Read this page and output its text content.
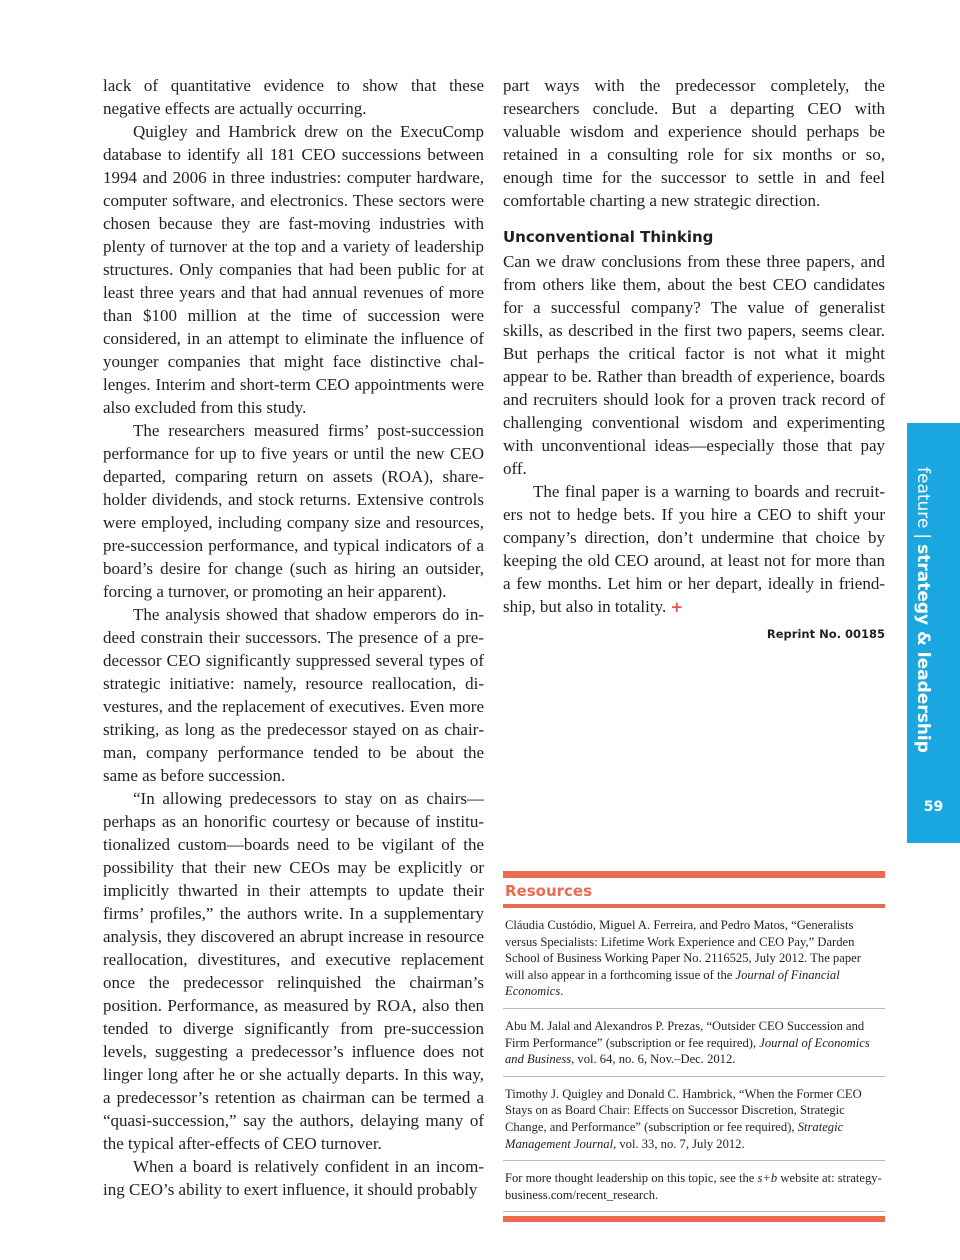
lack of quantitative evidence to show that these negative effects are actually occurring.

Quigley and Hambrick drew on the ExecuComp database to identify all 181 CEO successions between 1994 and 2006 in three industries: computer hardware, computer software, and electronics. These sectors were chosen because they are fast-moving industries with plenty of turnover at the top and a variety of leadership structures. Only companies that had been public for at least three years and that had annual revenues of more than $100 million at the time of succession were considered, in an attempt to eliminate the influence of younger companies that might face distinctive challenges. Interim and short-term CEO appointments were also excluded from this study.

The researchers measured firms’ post-succession performance for up to five years or until the new CEO departed, comparing return on assets (ROA), shareholder dividends, and stock returns. Extensive controls were employed, including company size and resources, pre-succession performance, and typical indicators of a board’s desire for change (such as hiring an outsider, forcing a turnover, or promoting an heir apparent).

The analysis showed that shadow emperors do indeed constrain their successors. The presence of a predecessor CEO significantly suppressed several types of strategic initiative: namely, resource reallocation, divestures, and the replacement of executives. Even more striking, as long as the predecessor stayed on as chairman, company performance tended to be about the same as before succession.

“In allowing predecessors to stay on as chairs—perhaps as an honorific courtesy or because of institutionalized custom—boards need to be vigilant of the possibility that their new CEOs may be explicitly or implicitly thwarted in their attempts to update their firms’ profiles,” the authors write. In a supplementary analysis, they discovered an abrupt increase in resource reallocation, divestitures, and executive replacement once the predecessor relinquished the chairman’s position. Performance, as measured by ROA, also then tended to diverge significantly from pre-succession levels, suggesting a predecessor’s influence does not linger long after he or she actually departs. In this way, a predecessor’s retention as chairman can be termed a “quasi-succession,” say the authors, delaying many of the typical after-effects of CEO turnover.

When a board is relatively confident in an incoming CEO’s ability to exert influence, it should probably

part ways with the predecessor completely, the researchers conclude. But a departing CEO with valuable wisdom and experience should perhaps be retained in a consulting role for six months or so, enough time for the successor to settle in and feel comfortable charting a new strategic direction.

Unconventional Thinking

Can we draw conclusions from these three papers, and from others like them, about the best CEO candidates for a successful company? The value of generalist skills, as described in the first two papers, seems clear. But perhaps the critical factor is not what it might appear to be. Rather than breadth of experience, boards and recruiters should look for a proven track record of challenging conventional wisdom and experimenting with unconventional ideas—especially those that pay off.

The final paper is a warning to boards and recruiters not to hedge bets. If you hire a CEO to shift your company’s direction, don’t undermine that choice by keeping the old CEO around, at least not for more than a few months. Let him or her depart, ideally in friendship, but also in totality. +

Reprint No. 00185
feature|strategy & leadership
59
Resources
Cláudia Custódio, Miguel A. Ferreira, and Pedro Matos, “Generalists versus Specialists: Lifetime Work Experience and CEO Pay,” Darden School of Business Working Paper No. 2116525, July 2012. The paper will also appear in a forthcoming issue of the Journal of Financial Economics.
Abu M. Jalal and Alexandros P. Prezas, “Outsider CEO Succession and Firm Performance” (subscription or fee required), Journal of Economics and Business, vol. 64, no. 6, Nov.–Dec. 2012.
Timothy J. Quigley and Donald C. Hambrick, “When the Former CEO Stays on as Board Chair: Effects on Successor Discretion, Strategic Change, and Performance” (subscription or fee required), Strategic Management Journal, vol. 33, no. 7, July 2012.
For more thought leadership on this topic, see the s+b website at: strategy-business.com/recent_research.
